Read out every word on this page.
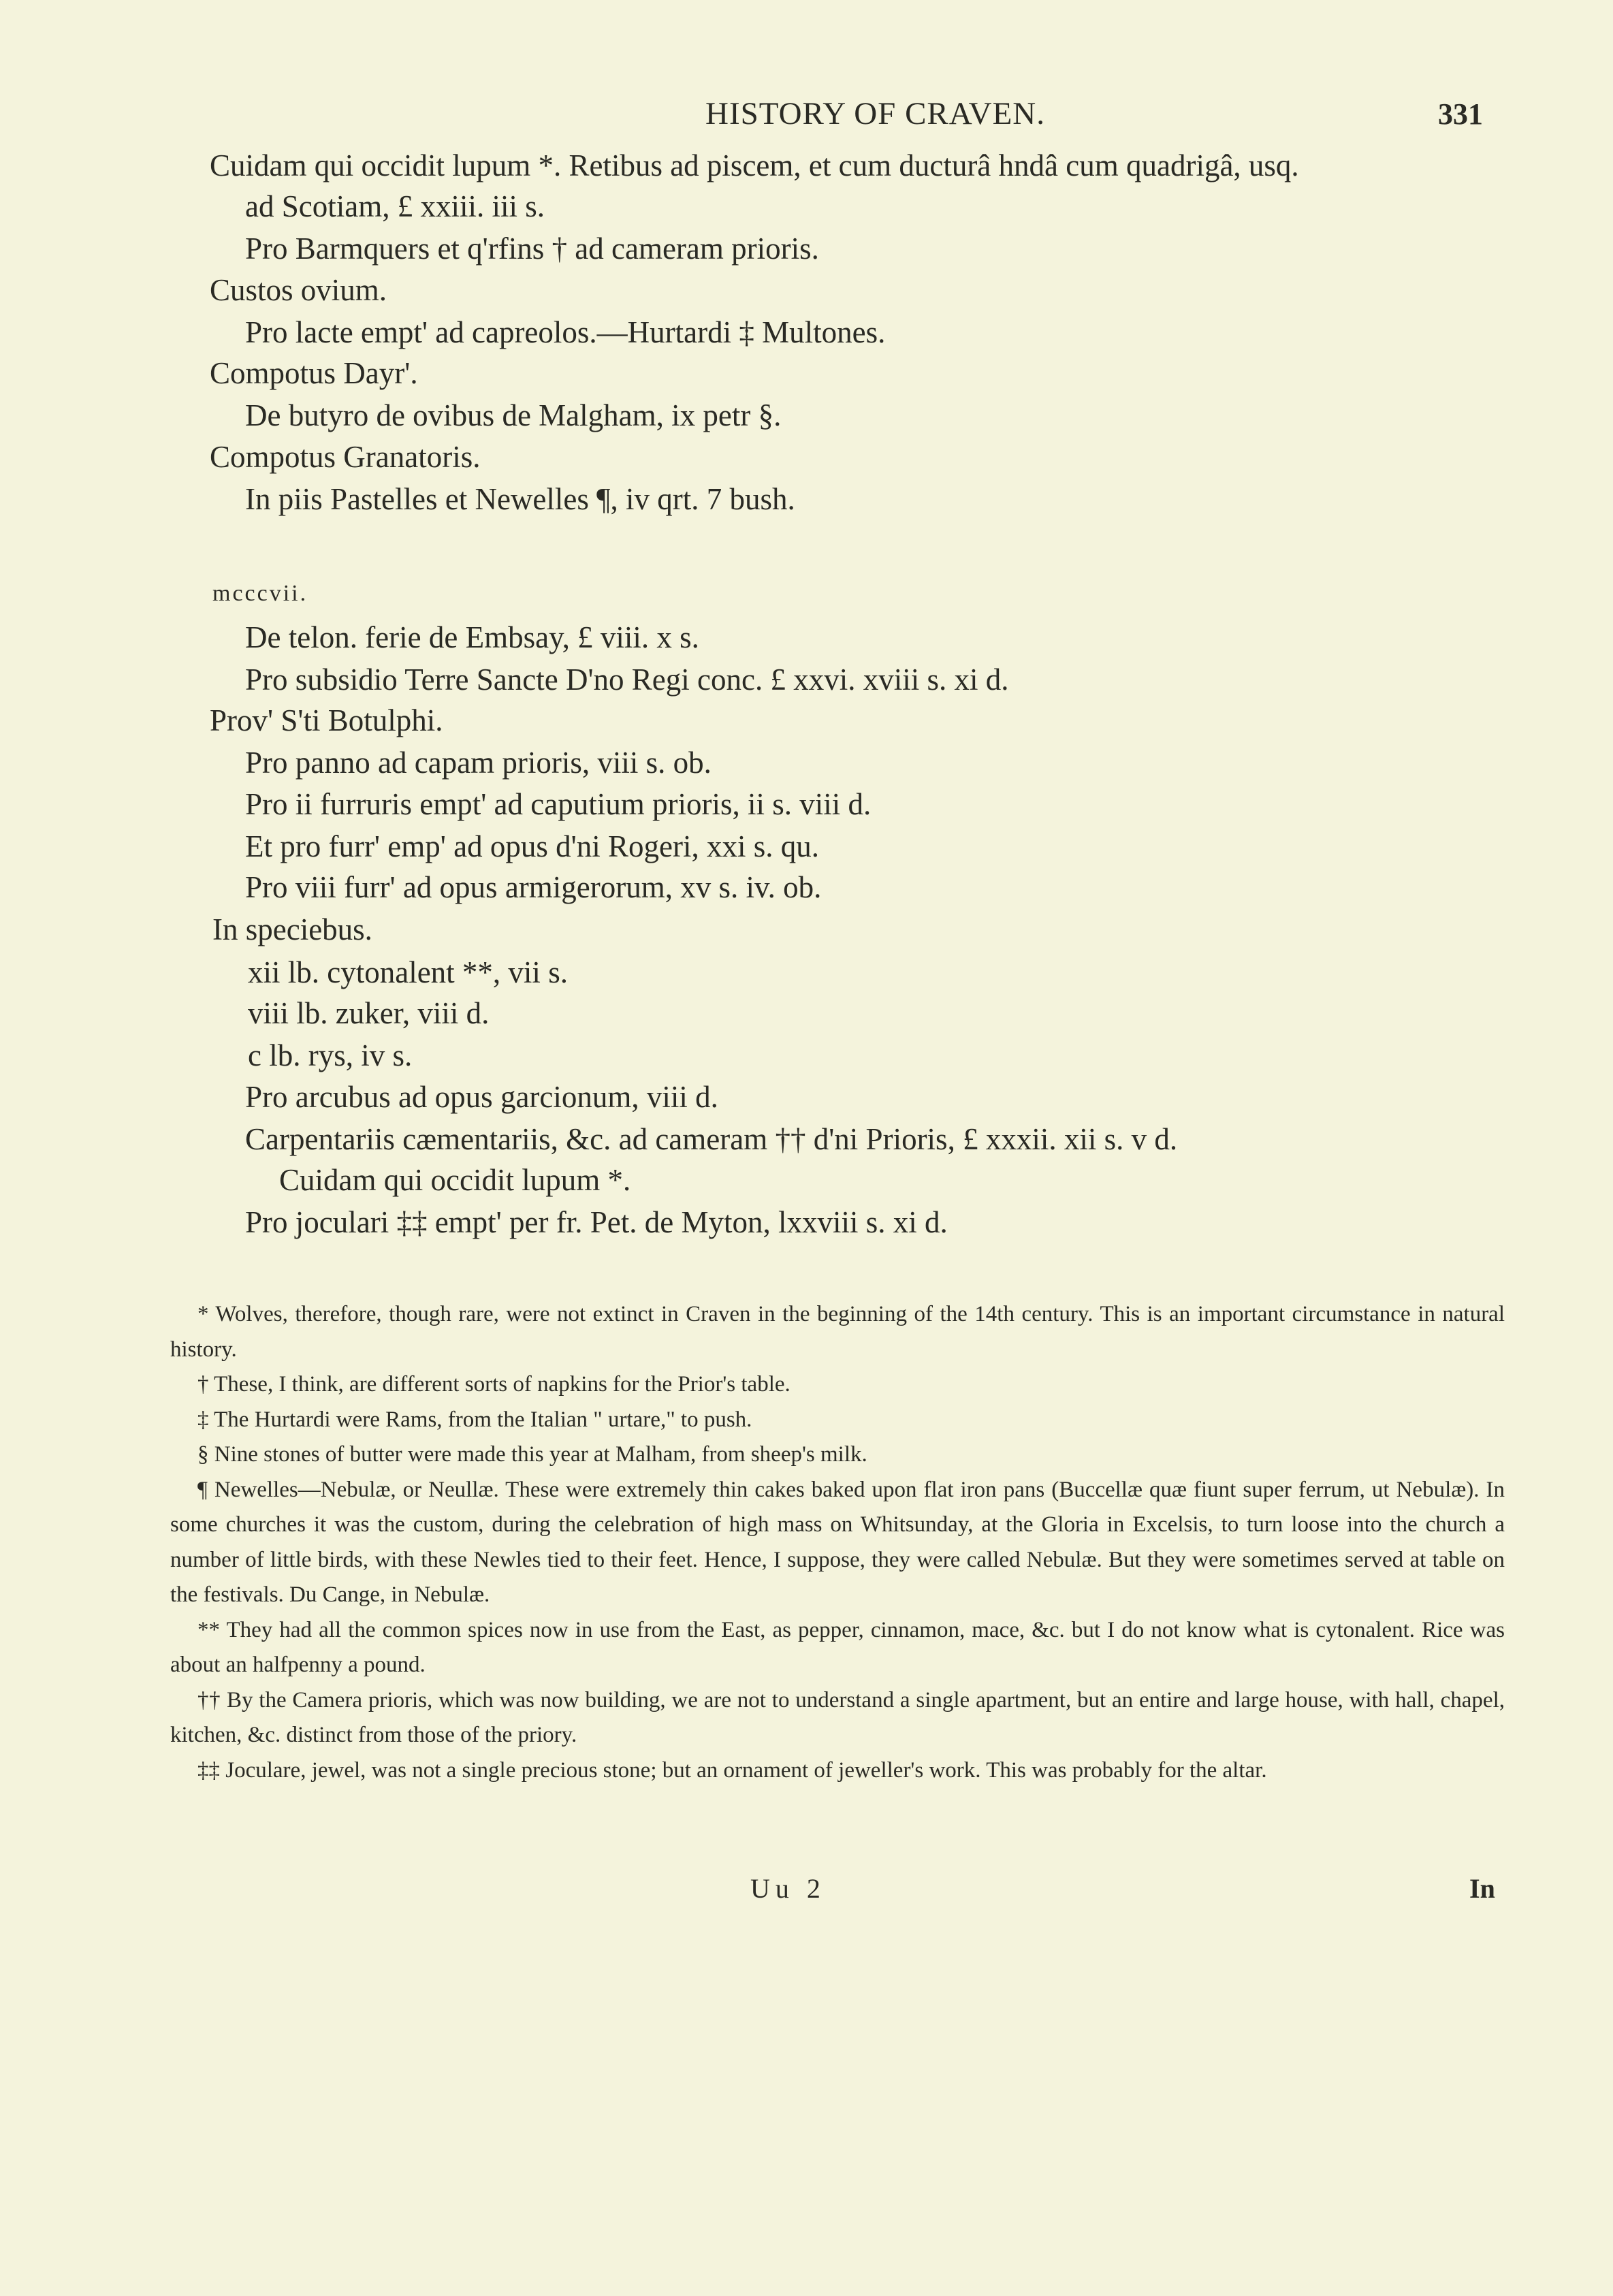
HISTORY OF CRAVEN.	331
Cuidam qui occidit lupum *. Retibus ad piscem, et cum ducturâ hndâ cum quadrigâ, usq.
ad Scotiam, £ xxiii. iii s.
Pro Barmquers et q'rfins † ad cameram prioris.
Custos ovium.
Pro lacte empt' ad capreolos.—Hurtardi ‡ Multones.
Compotus Dayr'.
De butyro de ovibus de Malgham, ix petr §.
Compotus Granatoris.
In piis Pastelles et Newelles ¶, iv qrt. 7 bush.
mcccvii.
De telon. ferie de Embsay, £ viii. x s.
Pro subsidio Terre Sancte D'no Regi conc. £ xxvi. xviii s. xi d.
Prov' S'ti Botulphi.
Pro panno ad capam prioris, viii s. ob.
Pro ii furruris empt' ad caputium prioris, ii s. viii d.
Et pro furr' emp' ad opus d'ni Rogeri, xxi s. qu.
Pro viii furr' ad opus armigerorum, xv s. iv. ob.
In speciebus.
xii lb. cytonalent **, vii s.
viii lb. zuker, viii d.
c lb. rys, iv s.
Pro arcubus ad opus garcionum, viii d.
Carpentariis cæmentariis, &c. ad cameram †† d'ni Prioris, £ xxxii. xii s. v d.
Cuidam qui occidit lupum *.
Pro joculari ‡‡ empt' per fr. Pet. de Myton, lxxviii s. xi d.

* Wolves, therefore, though rare, were not extinct in Craven in the beginning of the 14th century. This is an important circumstance in natural history.

† These, I think, are different sorts of napkins for the Prior's table.

‡ The Hurtardi were Rams, from the Italian " urtare," to push.

§ Nine stones of butter were made this year at Malham, from sheep's milk.

¶ Newelles—Nebulæ, or Neullæ. These were extremely thin cakes baked upon flat iron pans (Buccellæ quæ fiunt super ferrum, ut Nebulæ). In some churches it was the custom, during the celebration of high mass on Whitsunday, at the Gloria in Excelsis, to turn loose into the church a number of little birds, with these Newles tied to their feet. Hence, I suppose, they were called Nebulæ. But they were sometimes served at table on the festivals. Du Cange, in Nebulæ.

** They had all the common spices now in use from the East, as pepper, cinnamon, mace, &c. but I do not know what is cytonalent. Rice was about an halfpenny a pound.

†† By the Camera prioris, which was now building, we are not to understand a single apartment, but an entire and large house, with hall, chapel, kitchen, &c. distinct from those of the priory.

‡‡ Joculare, jewel, was not a single precious stone; but an ornament of jeweller's work. This was probably for the altar.

Uu 2	In
